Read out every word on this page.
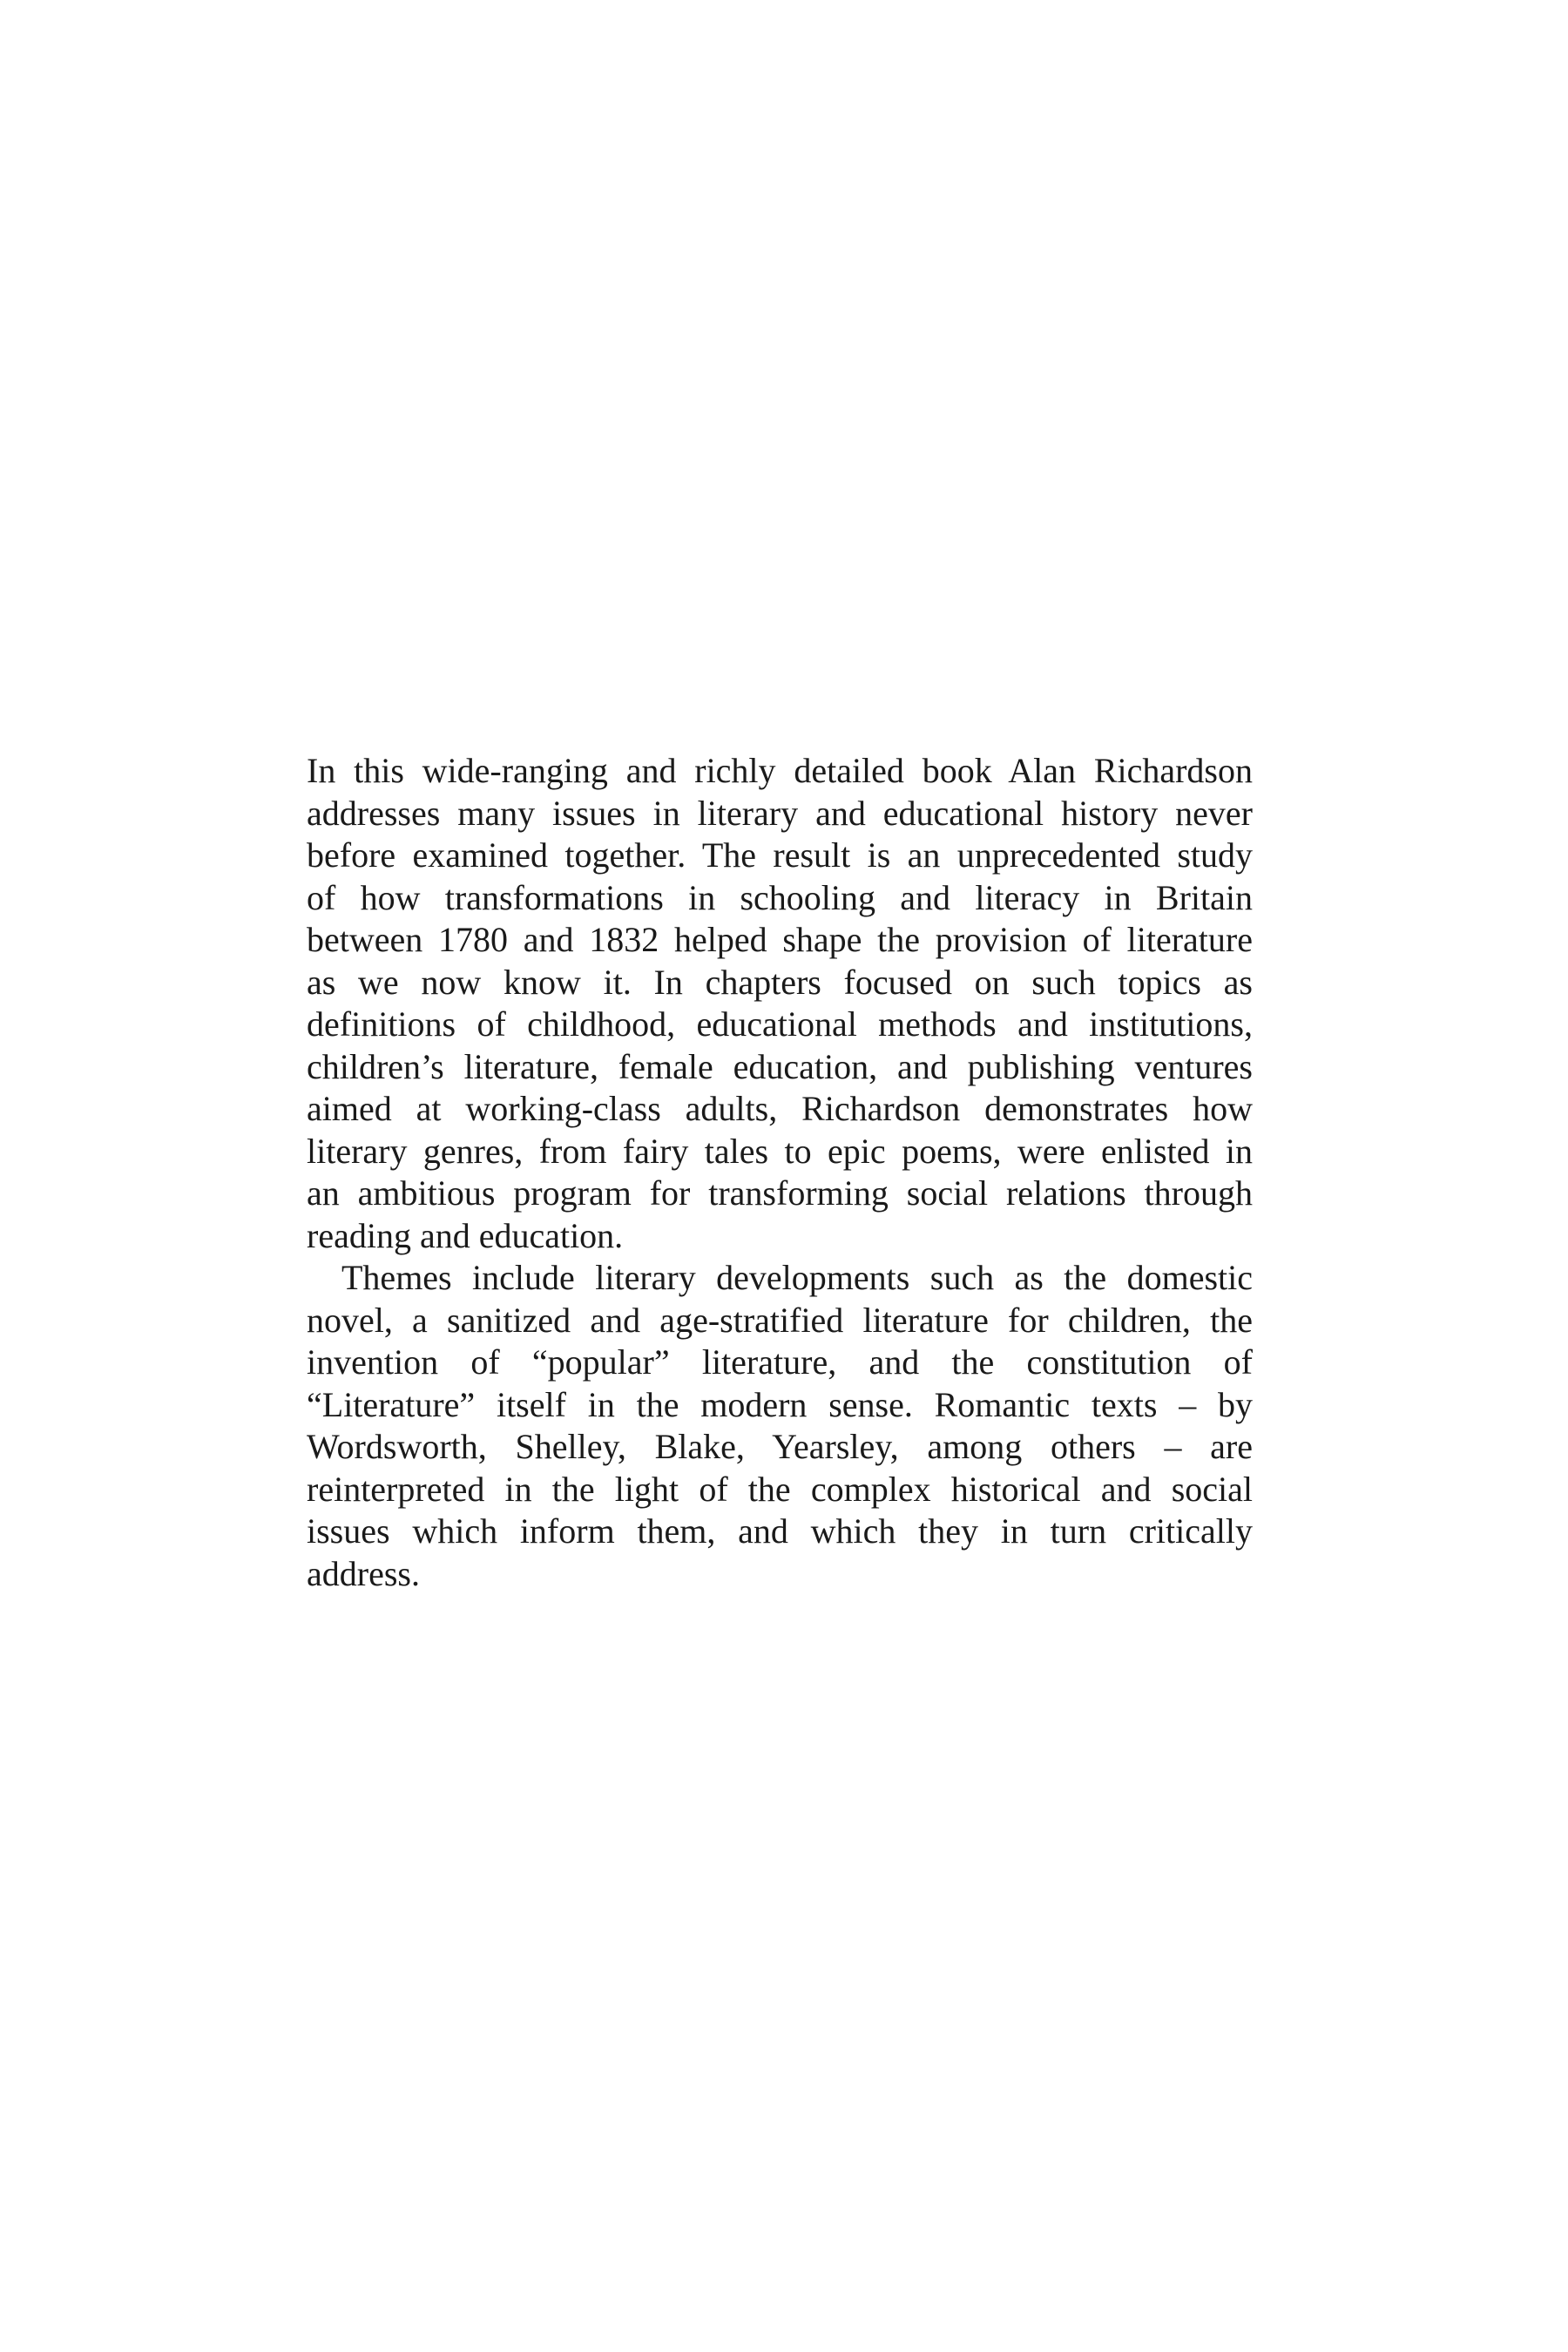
In this wide-ranging and richly detailed book Alan Richardson
addresses many issues in literary and educational history never
before examined together. The result is an unprecedented study
of how transformations in schooling and literacy in Britain
between 1780 and 1832 helped shape the provision of literature
as we now know it. In chapters focused on such topics as
definitions of childhood, educational methods and institutions,
children’s literature, female education, and publishing ventures
aimed at working-class adults, Richardson demonstrates how
literary genres, from fairy tales to epic poems, were enlisted in
an ambitious program for transforming social relations through
reading and education.

Themes include literary developments such as the domestic
novel, a sanitized and age-stratified literature for children, the
invention of “popular” literature, and the constitution of
“Literature” itself in the modern sense. Romantic texts – by
Wordsworth, Shelley, Blake, Yearsley, among others – are
reinterpreted in the light of the complex historical and social
issues which inform them, and which they in turn critically
address.
